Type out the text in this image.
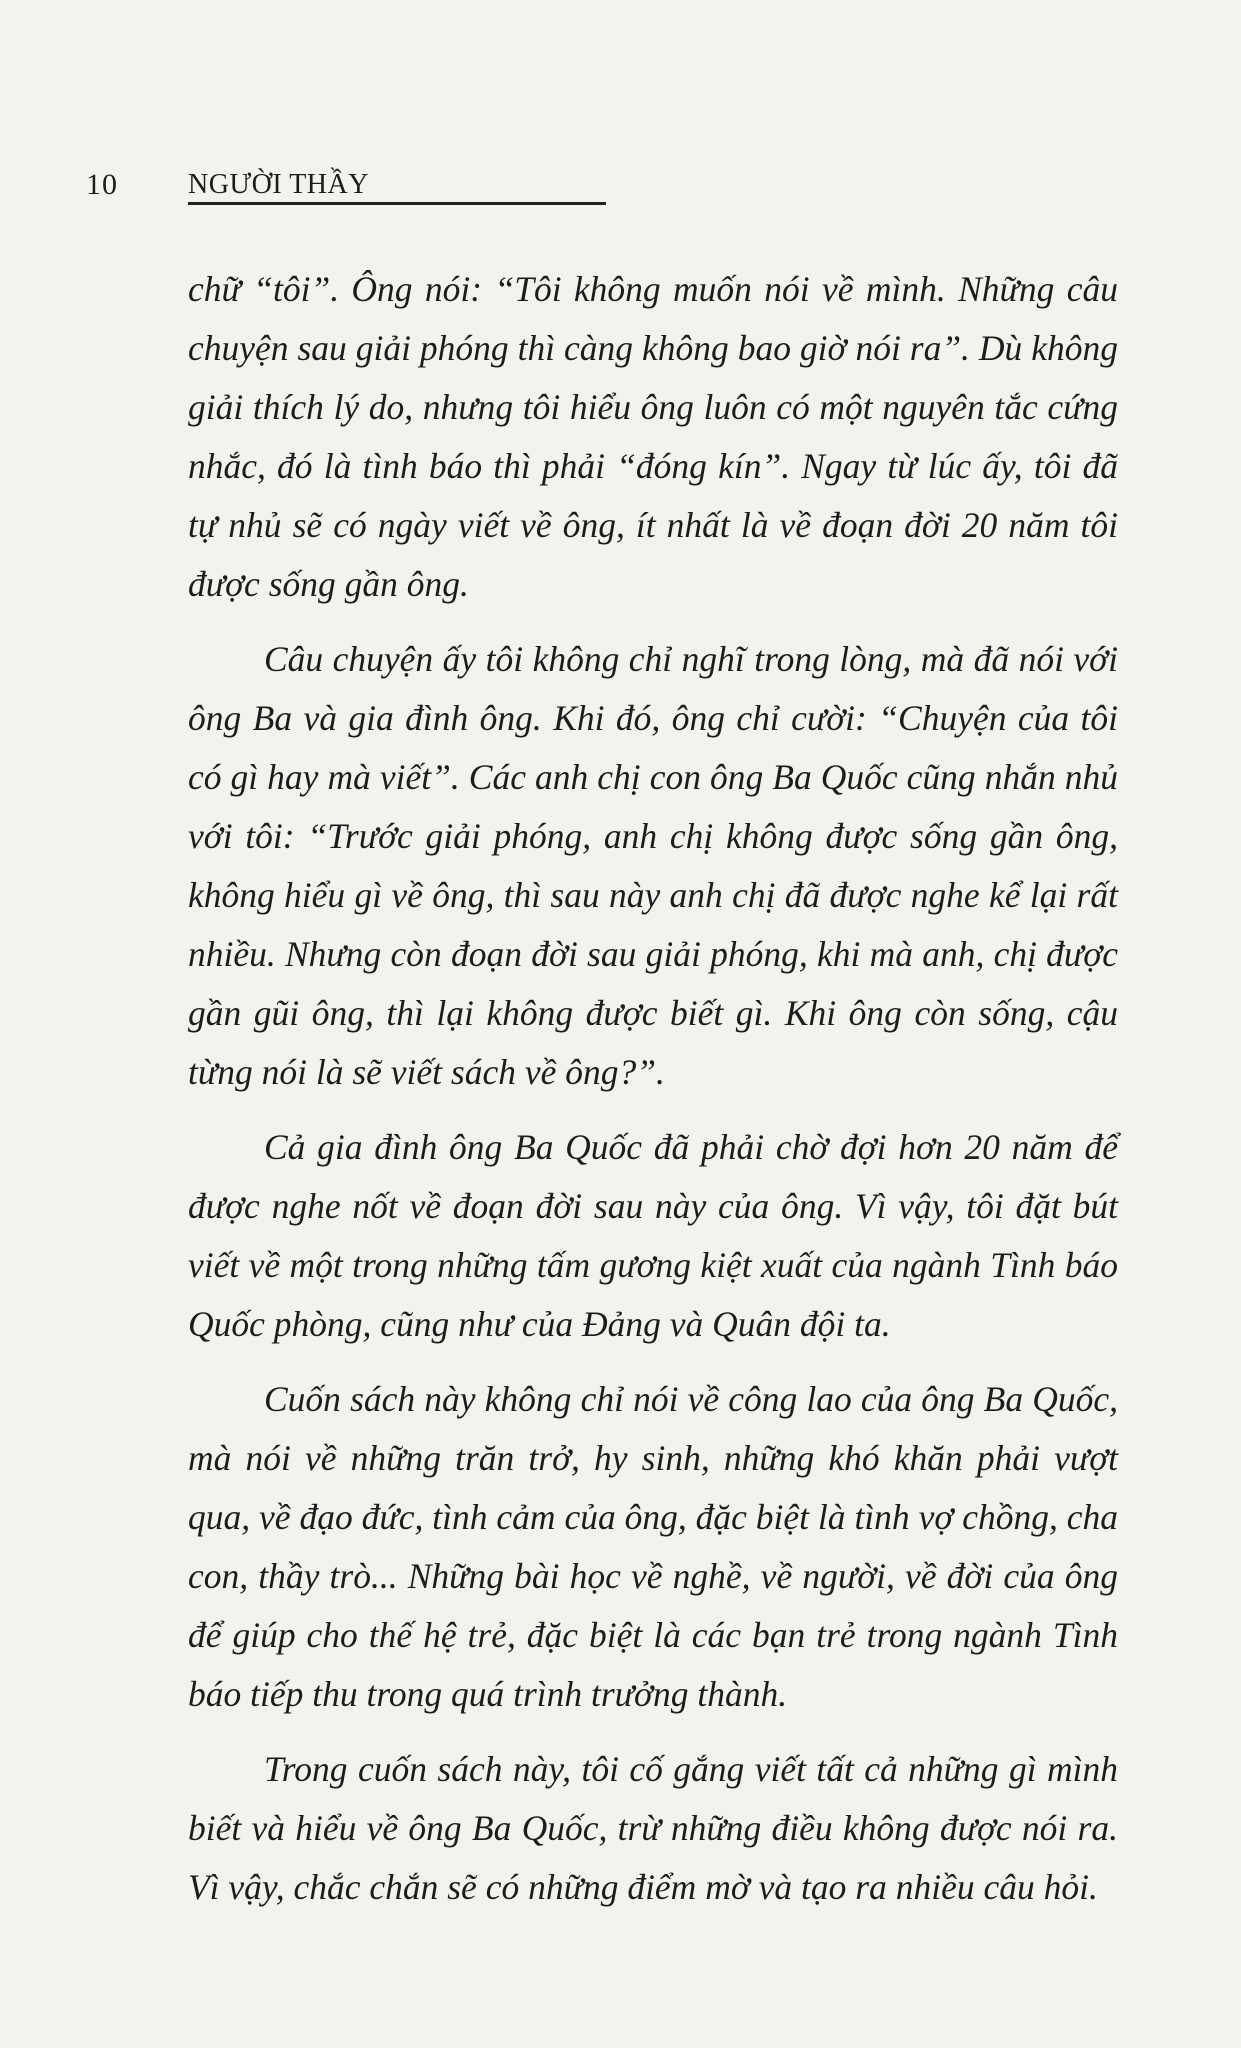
10	NGƯỜI THẦY

chữ “tôi”. Ông nói: “Tôi không muốn nói về mình. Những câu chuyện sau giải phóng thì càng không bao giờ nói ra”. Dù không giải thích lý do, nhưng tôi hiểu ông luôn có một nguyên tắc cứng nhắc, đó là tình báo thì phải “đóng kín”. Ngay từ lúc ấy, tôi đã tự nhủ sẽ có ngày viết về ông, ít nhất là về đoạn đời 20 năm tôi được sống gần ông.

Câu chuyện ấy tôi không chỉ nghĩ trong lòng, mà đã nói với ông Ba và gia đình ông. Khi đó, ông chỉ cười: “Chuyện của tôi có gì hay mà viết”. Các anh chị con ông Ba Quốc cũng nhắn nhủ với tôi: “Trước giải phóng, anh chị không được sống gần ông, không hiểu gì về ông, thì sau này anh chị đã được nghe kể lại rất nhiều. Nhưng còn đoạn đời sau giải phóng, khi mà anh, chị được gần gũi ông, thì lại không được biết gì. Khi ông còn sống, cậu từng nói là sẽ viết sách về ông?”.

Cả gia đình ông Ba Quốc đã phải chờ đợi hơn 20 năm để được nghe nốt về đoạn đời sau này của ông. Vì vậy, tôi đặt bút viết về một trong những tấm gương kiệt xuất của ngành Tình báo Quốc phòng, cũng như của Đảng và Quân đội ta.

Cuốn sách này không chỉ nói về công lao của ông Ba Quốc, mà nói về những trăn trở, hy sinh, những khó khăn phải vượt qua, về đạo đức, tình cảm của ông, đặc biệt là tình vợ chồng, cha con, thầy trò... Những bài học về nghề, về người, về đời của ông để giúp cho thế hệ trẻ, đặc biệt là các bạn trẻ trong ngành Tình báo tiếp thu trong quá trình trưởng thành.

Trong cuốn sách này, tôi cố gắng viết tất cả những gì mình biết và hiểu về ông Ba Quốc, trừ những điều không được nói ra. Vì vậy, chắc chắn sẽ có những điểm mờ và tạo ra nhiều câu hỏi.
